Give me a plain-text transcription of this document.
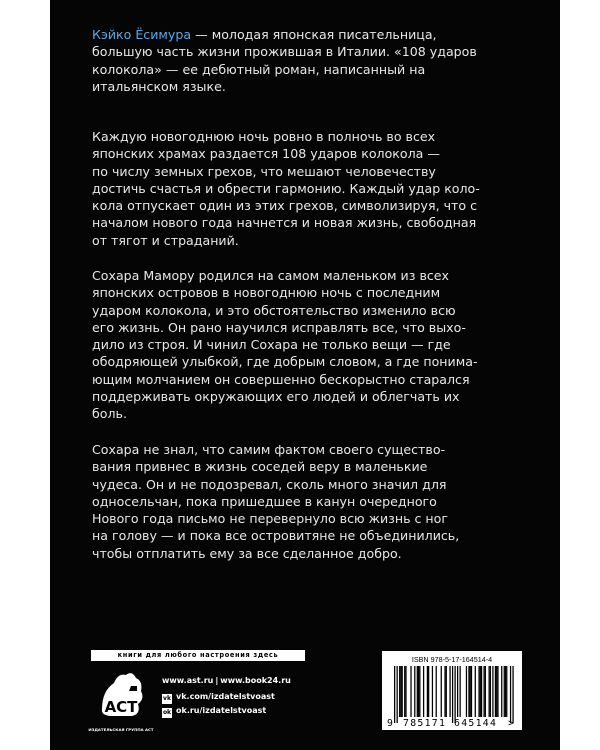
Кэйко Ёсимура — молодая японская писательница,
большую часть жизни прожившая в Италии. «108 ударов
колокола» — ее дебютный роман, написанный на
итальянском языке.
Каждую новогоднюю ночь ровно в полночь во всех
японских храмах раздается 108 ударов колокола —
по числу земных грехов, что мешают человечеству
достичь счастья и обрести гармонию. Каждый удар коло-
кола отпускает один из этих грехов, символизируя, что с
началом нового года начнется и новая жизнь, свободная
от тягот и страданий.
Сохара Мамору родился на самом маленьком из всех
японских островов в новогоднюю ночь с последним
ударом колокола, и это обстоятельство изменило всю
его жизнь. Он рано научился исправлять все, что выхо-
дило из строя. И чинил Сохара не только вещи — где
ободряющей улыбкой, где добрым словом, а где понима-
ющим молчанием он совершенно бескорыстно старался
поддерживать окружающих его людей и облегчать их
боль.
Сохара не знал, что самим фактом своего существо-
вания привнес в жизнь соседей веру в маленькие
чудеса. Он и не подозревал, сколь много значил для
односельчан, пока пришедшее в канун очередного
Нового года письмо не перевернуло всю жизнь с ног
на голову — и пока все островитяне не объединились,
чтобы отплатить ему за все сделанное добро.
книги для любого настроения здесь
АСТ
ИЗДАТЕЛЬСКАЯ ГРУППА АСТ
www.ast.ru | www.book24.ru
vk vk.com/izdatelstvoast
ok ok.ru/izdatelstvoast
ISBN 978-5-17-164514-4
9 785171 645144 >
